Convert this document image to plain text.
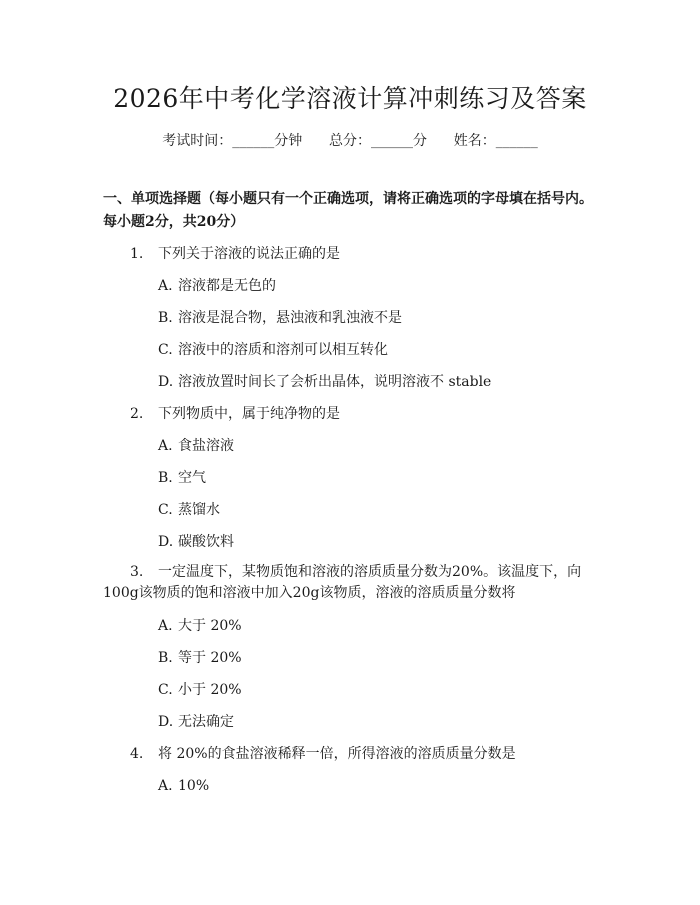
2026年中考化学溶液计算冲刺练习及答案
考试时间：______分钟      总分：______分      姓名：______
一、单项选择题（每小题只有一个正确选项，请将正确选项的字母填在括号内。
每小题2分，共20分）
1. 下列关于溶液的说法正确的是
A. 溶液都是无色的
B. 溶液是混合物，悬浊液和乳浊液不是
C. 溶液中的溶质和溶剂可以相互转化
D. 溶液放置时间长了会析出晶体，说明溶液不 stable
2. 下列物质中，属于纯净物的是
A. 食盐溶液
B. 空气
C. 蒸馏水
D. 碳酸饮料
3. 一定温度下，某物质饱和溶液的溶质质量分数为20%。该温度下，向100g该物质的饱和溶液中加入20g该物质，溶液的溶质质量分数将
A. 大于 20%
B. 等于 20%
C. 小于 20%
D. 无法确定
4. 将 20%的食盐溶液稀释一倍，所得溶液的溶质质量分数是
A. 10%
